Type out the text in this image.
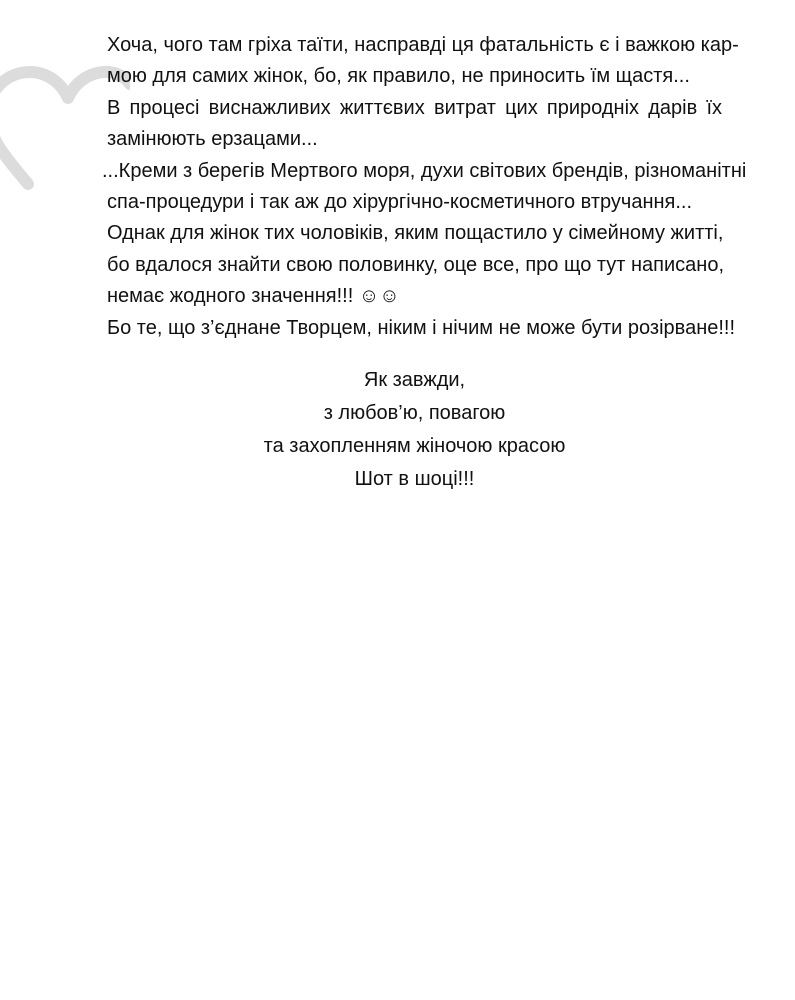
Хоча, чого там гріха таїти, насправді ця фатальність є і важкою кар-
мою для самих жінок, бо, як правило, не приносить їм щастя...
В процесі виснажливих життєвих витрат цих природніх дарів їх
замінюють ерзацами...
...Креми з берегів Мертвого моря, духи світових брендів, різноманітні
спа-процедури і так аж до хірургічно-косметичного втручання...
Однак для жінок тих чоловіків, яким пощастило у сімейному житті,
бо вдалося знайти свою половинку, оце все, про що тут написано,
немає жодного значення!!! ☺☺
Бо те, що з’єднане Творцем, ніким і нічим не може бути розірване!!!
Як завжди,
з любов’ю, повагою
та захопленням жіночою красою
Шот в шоці!!!
